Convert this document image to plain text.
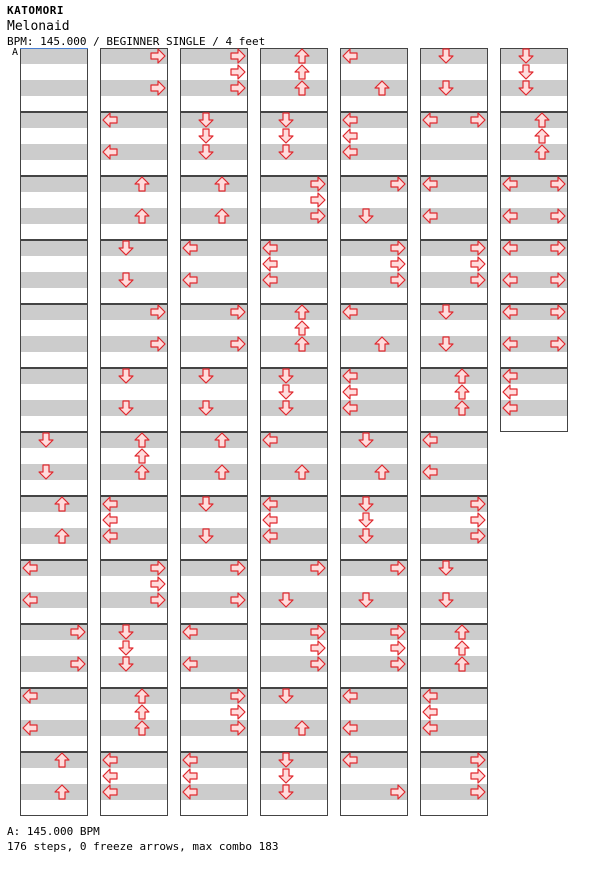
KATOMORI
Melonaid
BPM: 145.000 / BEGINNER SINGLE / 4 feet
A
A: 145.000 BPM
176 steps, 0 freeze arrows, max combo 183
